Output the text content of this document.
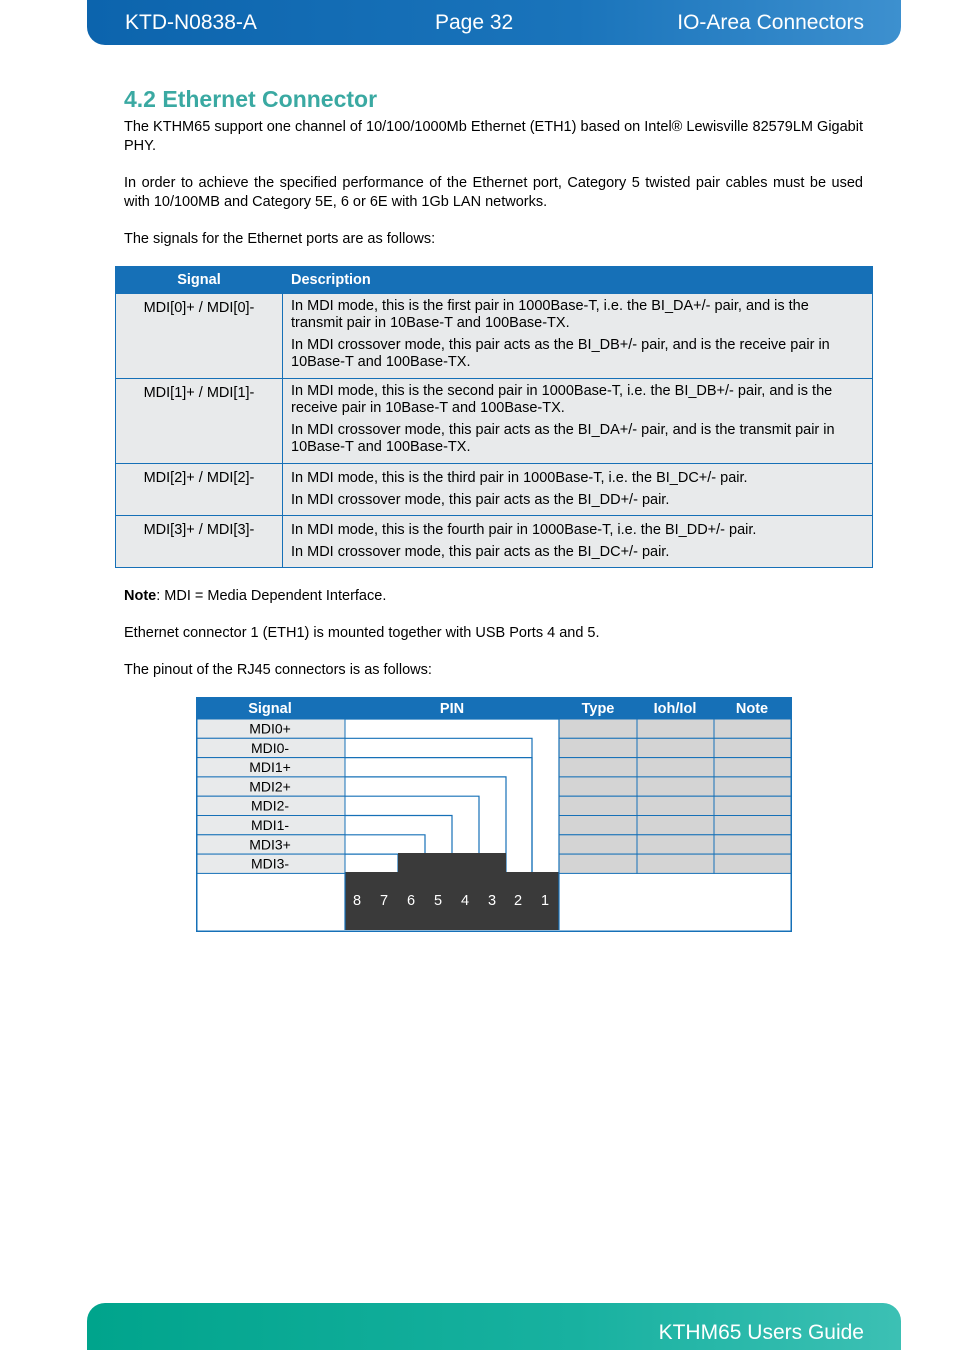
KTD-N0838-A	Page 32	IO-Area Connectors
4.2 Ethernet Connector

The KTHM65 support one channel of 10/100/1000Mb Ethernet (ETH1) based on Intel® Lewisville 82579LM Gigabit PHY.

In order to achieve the specified performance of the Ethernet port, Category 5 twisted pair cables must be used with 10/100MB and Category 5E, 6 or 6E with 1Gb LAN networks.

The signals for the Ethernet ports are as follows:

Signal	Description
MDI[0]+ / MDI[0]-	In MDI mode, this is the first pair in 1000Base-T, i.e. the BI_DA+/- pair, and is the transmit pair in 10Base-T and 100Base-TX.

In MDI crossover mode, this pair acts as the BI_DB+/- pair, and is the receive pair in 10Base-T and 100Base-TX.

MDI[1]+ / MDI[1]-	In MDI mode, this is the second pair in 1000Base-T, i.e. the BI_DB+/- pair, and is the receive pair in 10Base-T and 100Base-TX.

In MDI crossover mode, this pair acts as the BI_DA+/- pair, and is the transmit pair in 10Base-T and 100Base-TX.

MDI[2]+ / MDI[2]-	In MDI mode, this is the third pair in 1000Base-T, i.e. the BI_DC+/- pair.

In MDI crossover mode, this pair acts as the BI_DD+/- pair.

MDI[3]+ / MDI[3]-	In MDI mode, this is the fourth pair in 1000Base-T, i.e. the BI_DD+/- pair.

In MDI crossover mode, this pair acts as the BI_DC+/- pair.

Note: MDI = Media Dependent Interface.

Ethernet connector 1 (ETH1) is mounted together with USB Ports 4 and 5.

The pinout of the RJ45 connectors is as follows:

Signal	PIN	Type	Ioh/Iol	Note
MDI0+
MDI0-
MDI1+
MDI2+
MDI2-
MDI1-
MDI3+
MDI3-
8 7 6 5 4 3 2 1
KTHM65 Users Guide
